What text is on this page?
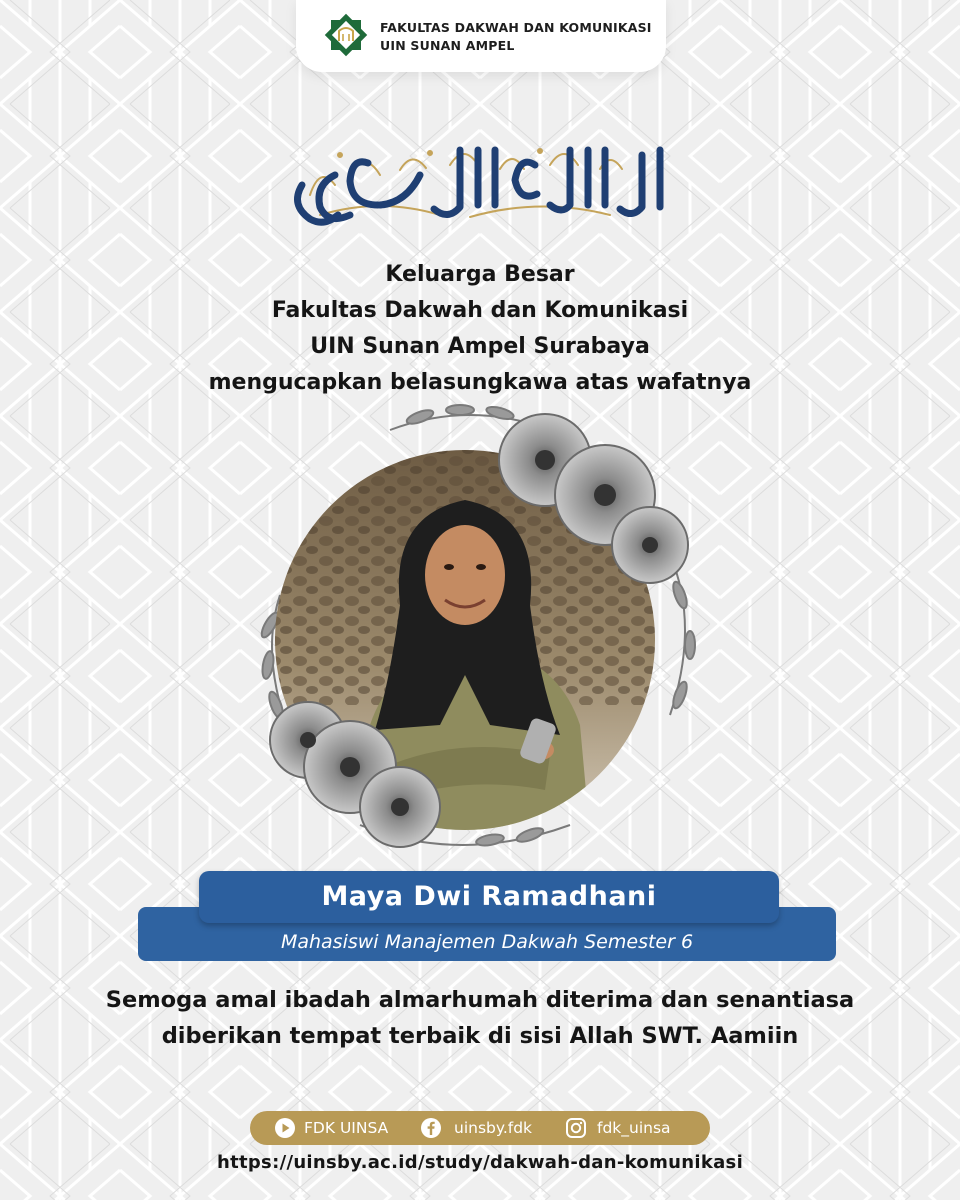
FAKULTAS DAKWAH DAN KOMUNIKASI
UIN SUNAN AMPEL
Keluarga Besar
Fakultas Dakwah dan Komunikasi
UIN Sunan Ampel Surabaya
mengucapkan belasungkawa atas wafatnya
Maya Dwi Ramadhani
Mahasiswi Manajemen Dakwah Semester 6
Semoga amal ibadah almarhumah diterima dan senantiasa
diberikan tempat terbaik di sisi Allah SWT. Aamiin
FDK UINSA	uinsby.fdk	fdk_uinsa
https://uinsby.ac.id/study/dakwah-dan-komunikasi
